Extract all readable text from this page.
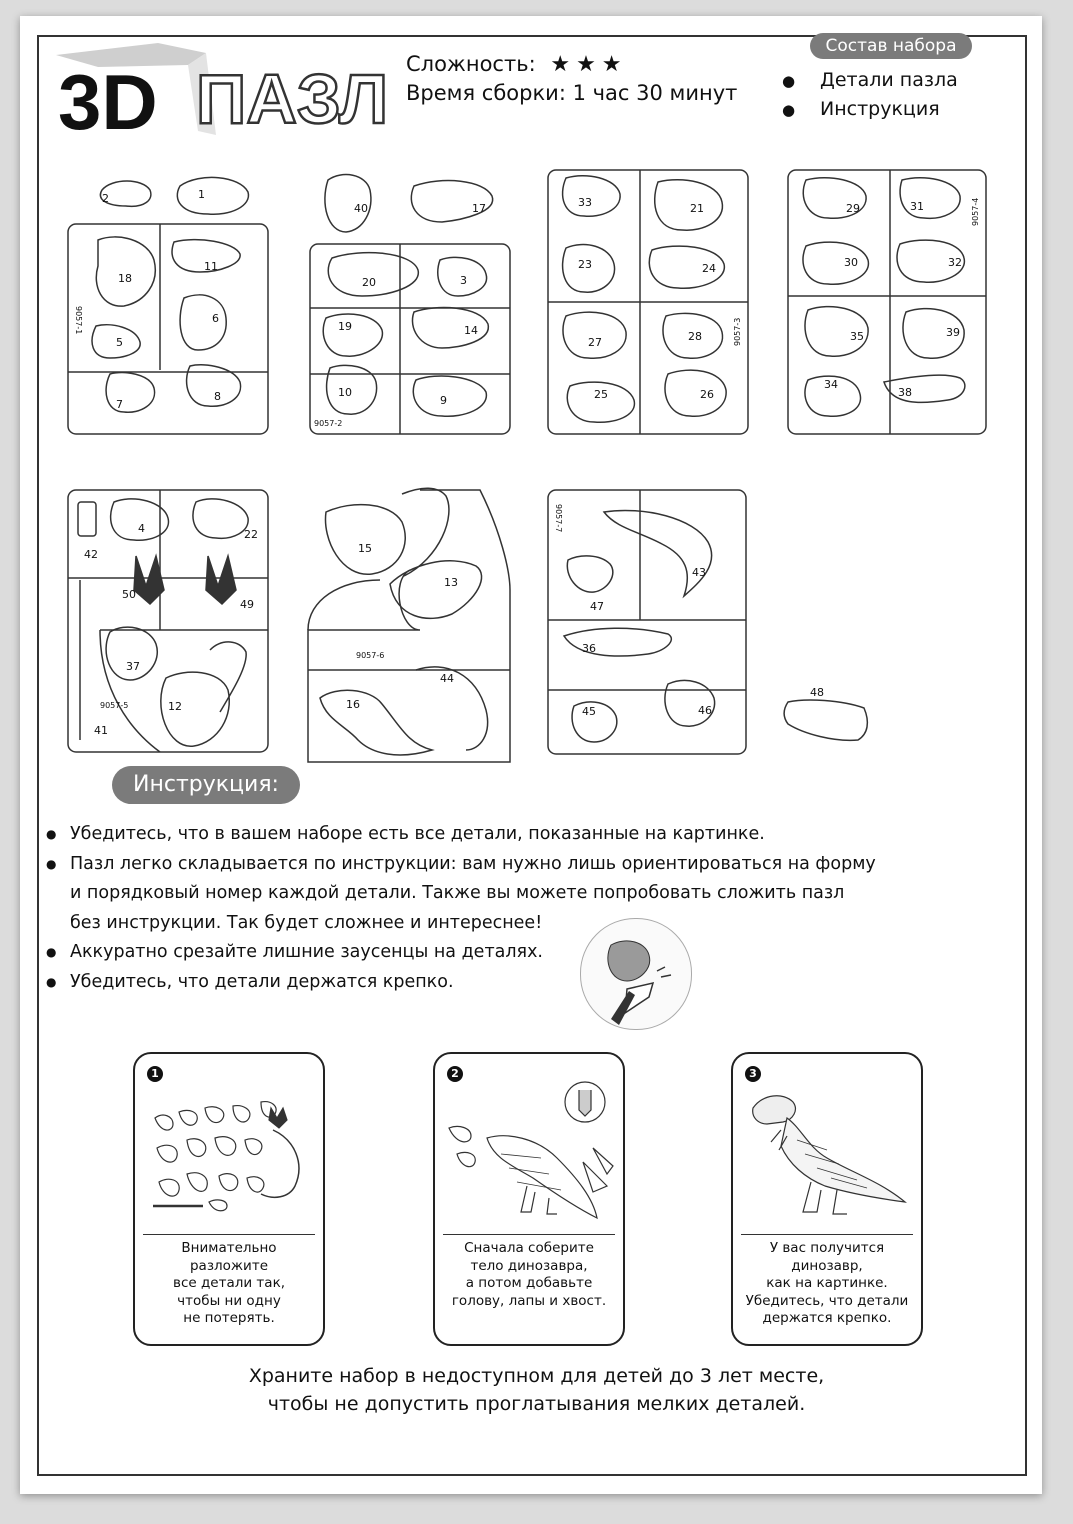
3D ПАЗЛ Сложность: ★★★
Время сборки: 1 час 30 минут
Состав набора
● Детали пазла
● Инструкция
2	1
18
11
6
5
7
8
9057-1
40	17
20	3
19	14
10
9
9057-2
33	21
23	24
27	28
25	26
9057-3
29	31
30	32
35	39
34
38
9057-4
42
4	22
50
49
37
12
41
9057-5
15
13
44
16
9057-6
43
47
36
45	46
9057-7
48
Инструкция:
● Убедитесь, что в вашем наборе есть все детали, показанные на картинке.
● Пазл легко складывается по инструкции: вам нужно лишь ориентироваться на форму
и порядковый номер каждой детали. Также вы можете попробовать сложить пазл
без инструкции. Так будет сложнее и интереснее!
● Аккуратно срезайте лишние заусенцы на деталях.
● Убедитесь, что детали держатся крепко.
1
Внимательно
разложите
все детали так,
чтобы ни одну
не потерять.
2
Сначала соберите
тело динозавра,
а потом добавьте
голову, лапы и хвост.
3
У вас получится
динозавр,
как на картинке.
Убедитесь, что детали
держатся крепко.
Храните набор в недоступном для детей до 3 лет месте,
чтобы не допустить проглатывания мелких деталей.
